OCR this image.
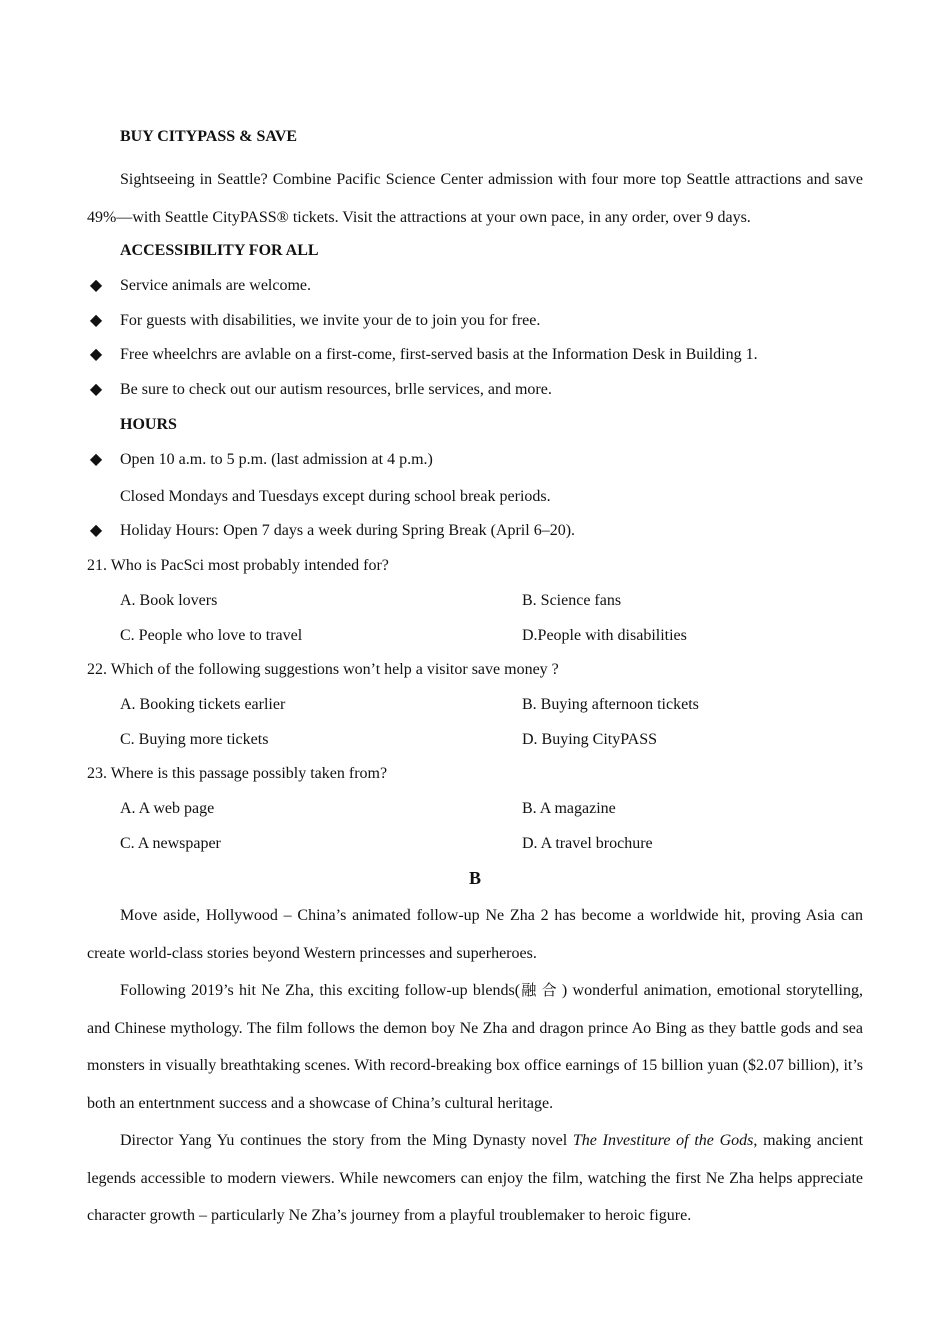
BUY CITYPASS & SAVE
Sightseeing in Seattle? Combine Pacific Science Center admission with four more top Seattle attractions and save 49%—with Seattle CityPASS® tickets. Visit the attractions at your own pace, in any order, over 9 days.
ACCESSIBILITY FOR ALL
◆ Service animals are welcome.
◆ For guests with disabilities, we invite your de to join you for free.
◆ Free wheelchrs are avlable on a first-come, first-served basis at the Information Desk in Building 1.
◆ Be sure to check out our autism resources, brlle services, and more.
HOURS
◆ Open 10 a.m. to 5 p.m. (last admission at 4 p.m.)
Closed Mondays and Tuesdays except during school break periods.
◆ Holiday Hours: Open 7 days a week during Spring Break (April 6–20).
21. Who is PacSci most probably intended for?
A. Book lovers	B. Science fans
C. People who love to travel	D.People with disabilities
22. Which of the following suggestions won’t help a visitor save money ?
A. Booking tickets earlier	B. Buying afternoon tickets
C. Buying more tickets	D. Buying CityPASS
23. Where is this passage possibly taken from?
A. A web page	B. A magazine
C. A newspaper	D. A travel brochure
B
Move aside, Hollywood – China’s animated follow-up Ne Zha 2 has become a worldwide hit, proving Asia can create world-class stories beyond Western princesses and superheroes.
Following 2019’s hit Ne Zha, this exciting follow-up blends(融合) wonderful animation, emotional storytelling, and Chinese mythology. The film follows the demon boy Ne Zha and dragon prince Ao Bing as they battle gods and sea monsters in visually breathtaking scenes. With record-breaking box office earnings of 15 billion yuan ($2.07 billion), it’s both an entertnment success and a showcase of China’s cultural heritage.
Director Yang Yu continues the story from the Ming Dynasty novel The Investiture of the Gods, making ancient legends accessible to modern viewers. While newcomers can enjoy the film, watching the first Ne Zha helps appreciate character growth – particularly Ne Zha’s journey from a playful troublemaker to heroic figure.
